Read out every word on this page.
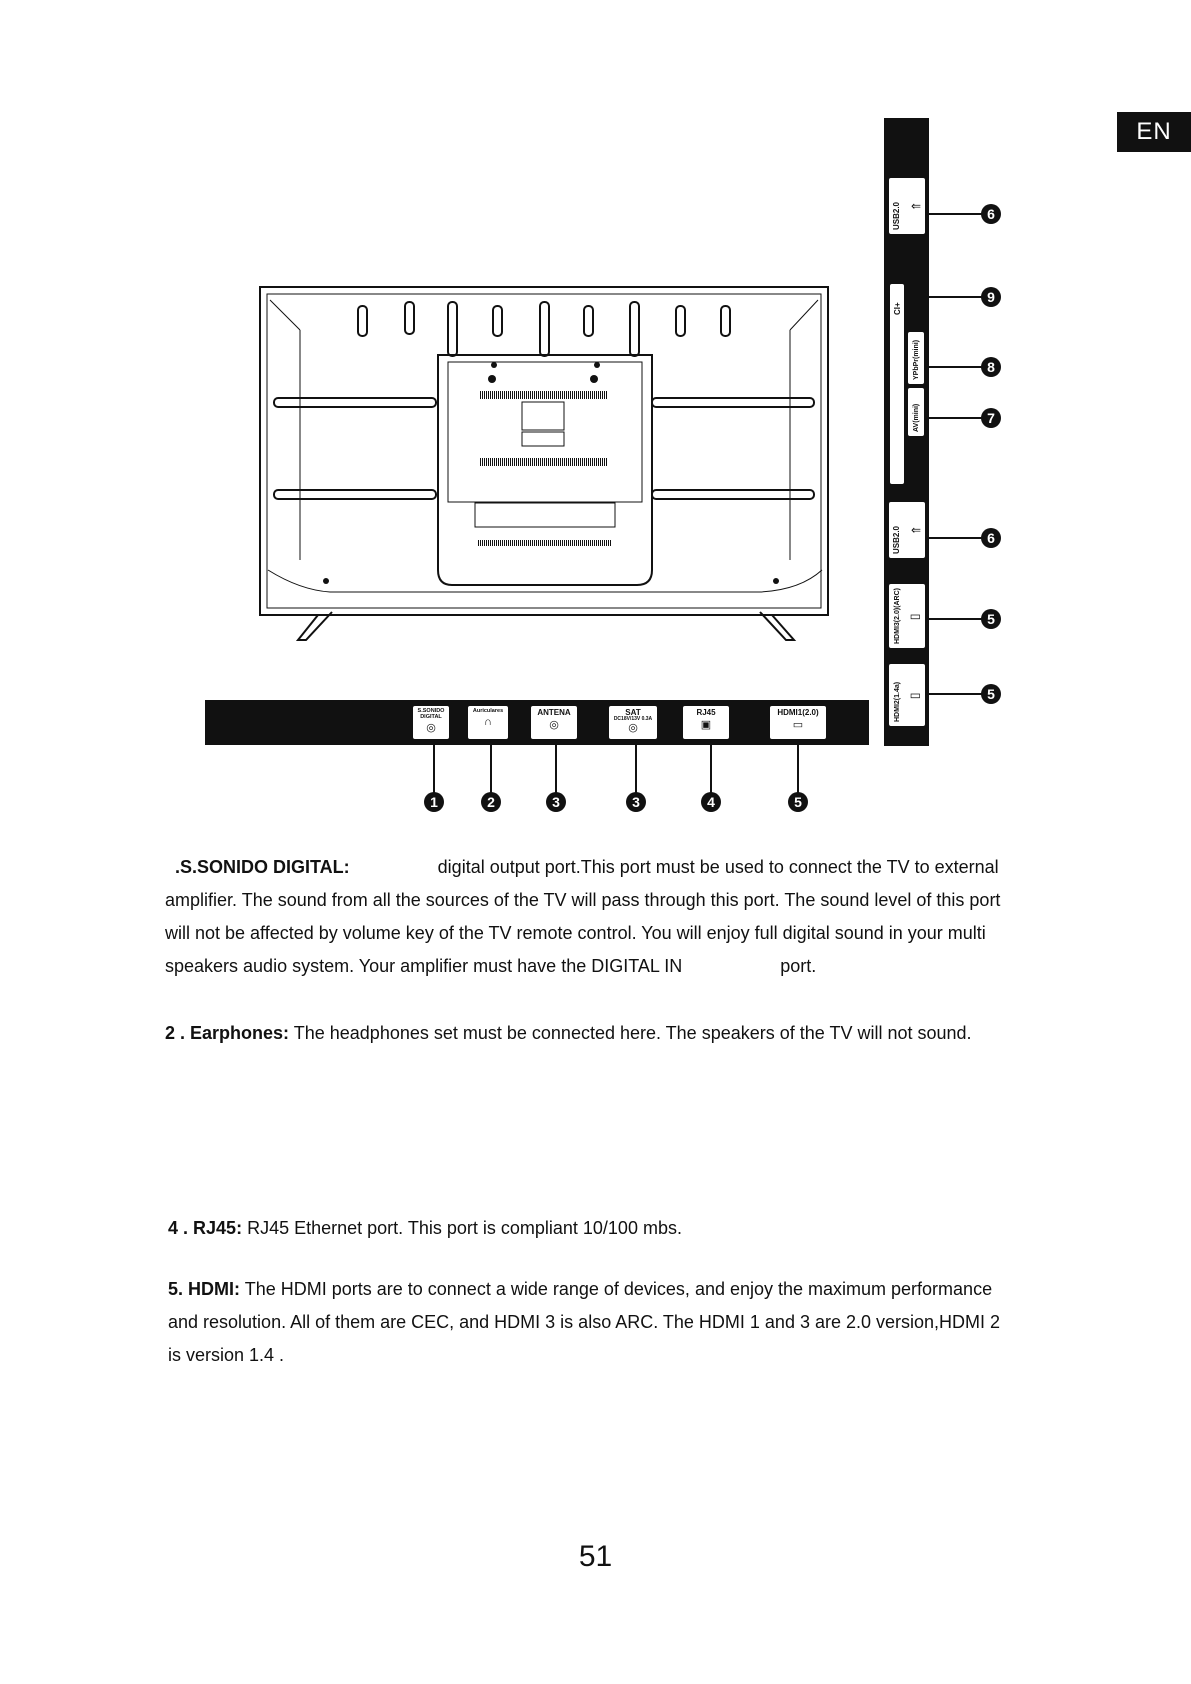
EN
S.SONIDO DIGITAL
◎
Auriculares
∩
ANTENA
◎
SAT
DC18V/13V 0.3A
◎
RJ45
▣
HDMI1(2.0)
▭
1	2	3	3	4	5
USB2.0 ⇐
CI+
YPbPr(mini)
AV(mini)
USB2.0 ⇐
HDMI3(2.0)(ARC) ▭
HDMI2(1.4a) ▭
6
9
8
7
6
5
5
.S.SONIDO DIGITAL:	digital output port.This port must be used to connect the TV to external
amplifier. The sound from all the sources of the TV will pass through this port. The sound level of this port
will not be affected by volume key of the TV remote control. You will enjoy full digital sound in your multi
speakers audio system. Your amplifier must have the DIGITAL IN	port.
2 . Earphones: The headphones set must be connected here. The speakers of the TV will not sound.
4 . RJ45: RJ45 Ethernet port. This port is compliant 10/100 mbs.
5. HDMI: The HDMI ports are to connect a wide range of devices, and enjoy the maximum performance
and resolution. All of them are CEC, and HDMI 3 is also ARC. The HDMI 1 and 3 are 2.0 version,HDMI 2
is version 1.4 .
51
